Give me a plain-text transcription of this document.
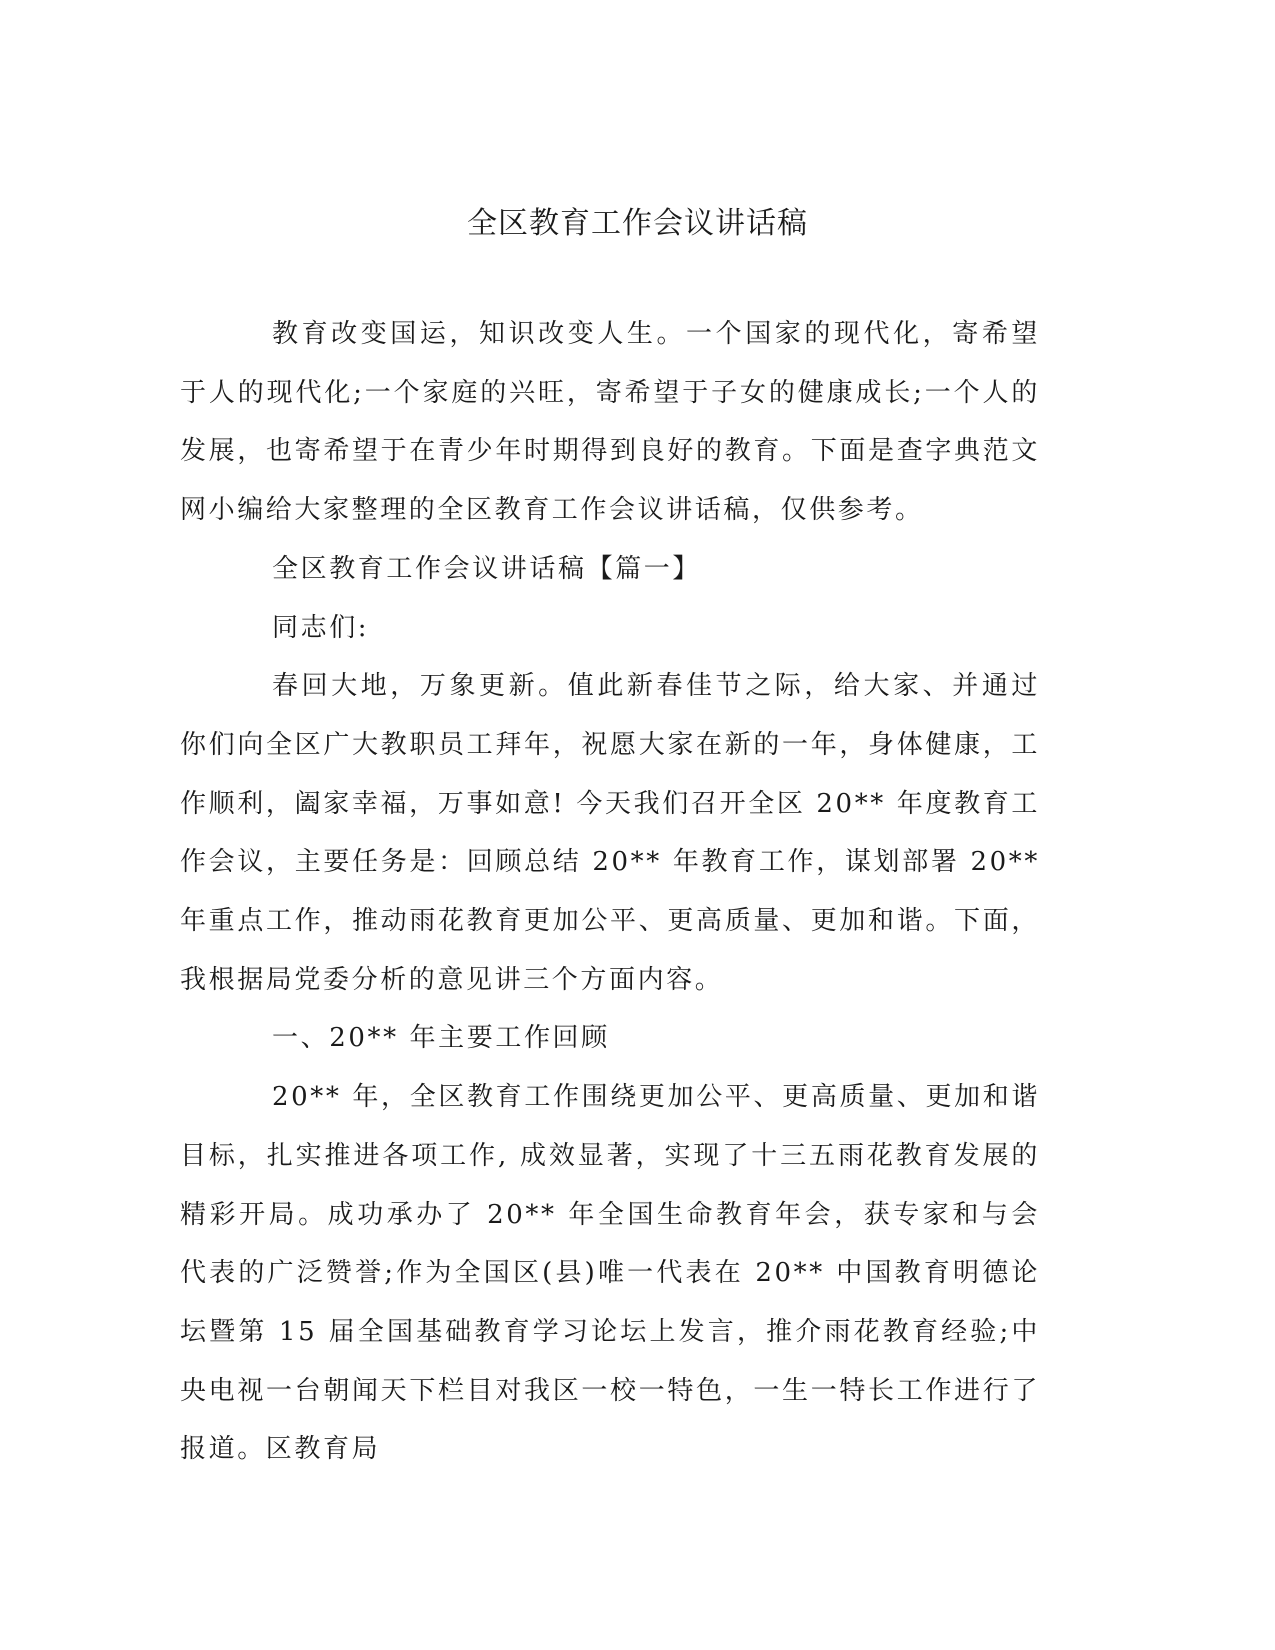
全区教育工作会议讲话稿

教育改变国运，知识改变人生。一个国家的现代化，寄希望于人的现代化;一个家庭的兴旺，寄希望于子女的健康成长;一个人的发展，也寄希望于在青少年时期得到良好的教育。下面是查字典范文网小编给大家整理的全区教育工作会议讲话稿，仅供参考。

全区教育工作会议讲话稿【篇一】

同志们:

春回大地，万象更新。值此新春佳节之际，给大家、并通过你们向全区广大教职员工拜年，祝愿大家在新的一年，身体健康，工作顺利，阖家幸福，万事如意! 今天我们召开全区 20** 年度教育工作会议，主要任务是：回顾总结 20** 年教育工作，谋划部署 20** 年重点工作，推动雨花教育更加公平、更高质量、更加和谐。下面，我根据局党委分析的意见讲三个方面内容。

一、20** 年主要工作回顾

20** 年，全区教育工作围绕更加公平、更高质量、更加和谐目标，扎实推进各项工作, 成效显著，实现了十三五雨花教育发展的精彩开局。成功承办了 20** 年全国生命教育年会，获专家和与会代表的广泛赞誉;作为全国区(县)唯一代表在 20** 中国教育明德论坛暨第 15 届全国基础教育学习论坛上发言，推介雨花教育经验;中央电视一台朝闻天下栏目对我区一校一特色，一生一特长工作进行了报道。区教育局
